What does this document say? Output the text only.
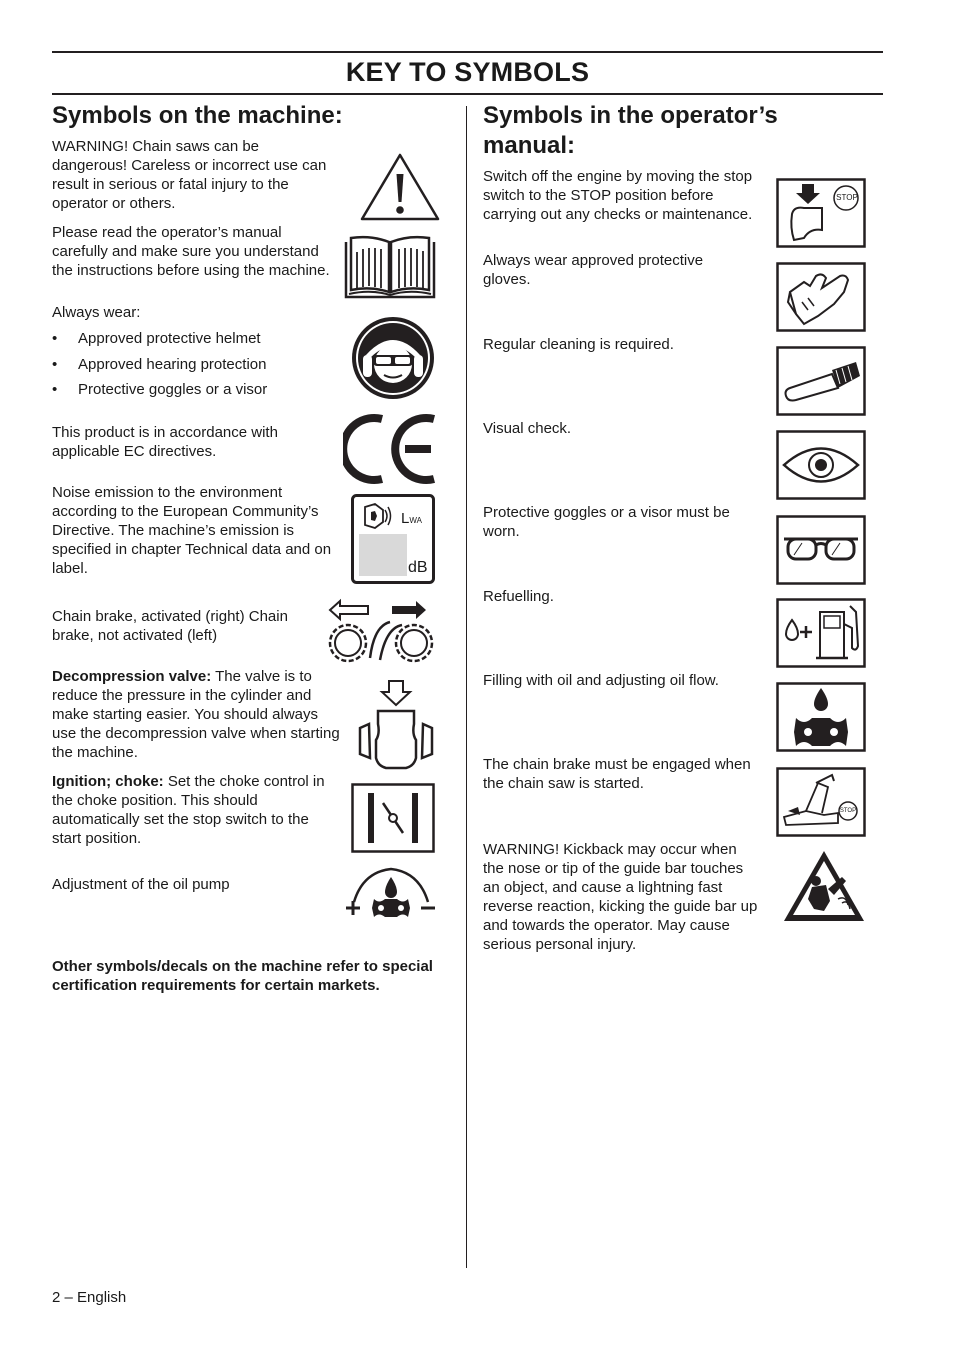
KEY TO SYMBOLS
Symbols on the machine:
WARNING! Chain saws can be dangerous! Careless or incorrect use can result in serious or fatal injury to the operator or others.
Please read the operator’s manual carefully and make sure you understand the instructions before using the machine.
Always wear:
• Approved protective helmet
• Approved hearing protection
• Protective goggles or a visor
This product is in accordance with applicable EC directives.
Noise emission to the environment according to the European Community’s Directive. The machine’s emission is specified in chapter Technical data and on label.
LWA
dB
Chain brake, activated (right) Chain brake, not activated (left)
Decompression valve: The valve is to reduce the pressure in the cylinder and make starting easier. You should always use the decompression valve when starting the machine.
Ignition; choke: Set the choke control in the choke position. This should automatically set the stop switch to the start position.
Adjustment of the oil pump
Other symbols/decals on the machine refer to special certification requirements for certain markets.
Symbols in the operator’s manual:
Switch off the engine by moving the stop switch to the STOP position before carrying out any checks or maintenance.
STOP
Always wear approved protective gloves.
Regular cleaning is required.
Visual check.
Protective goggles or a visor must be worn.
Refuelling.
Filling with oil and adjusting oil flow.
The chain brake must be engaged when the chain saw is started.
STOP
WARNING! Kickback may occur when the nose or tip of the guide bar touches an object, and cause a lightning fast reverse reaction, kicking the guide bar up and towards the operator. May cause serious personal injury.
2 – English
